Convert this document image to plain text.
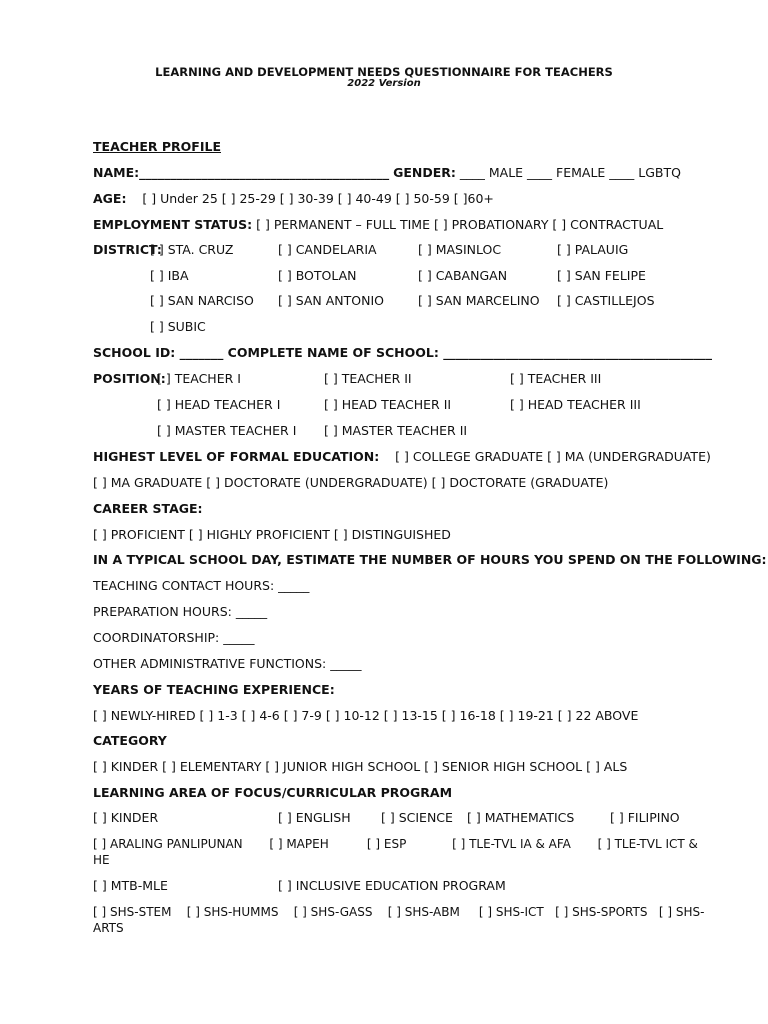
LEARNING AND DEVELOPMENT NEEDS QUESTIONNAIRE FOR TEACHERS
2022 Version
TEACHER PROFILE
NAME:________________________________________ GENDER: ____ MALE ____ FEMALE ____ LGBTQ
AGE: [ ] Under 25 [ ] 25-29 [ ] 30-39 [ ] 40-49 [ ] 50-59 [ ]60+
EMPLOYMENT STATUS: [ ] PERMANENT – FULL TIME [ ] PROBATIONARY [ ] CONTRACTUAL
DISTRICT:
[ ] STA. CRUZ	[ ] CANDELARIA	[ ] MASINLOC	[ ] PALAUIG
[ ] IBA	[ ] BOTOLAN	[ ] CABANGAN	[ ] SAN FELIPE
[ ] SAN NARCISO [ ] SAN ANTONIO	[ ] SAN MARCELINO [ ] CASTILLEJOS
[ ] SUBIC
SCHOOL ID: _______ COMPLETE NAME OF SCHOOL: ___________________________________________
POSITION:
[ ] TEACHER I	[ ] TEACHER II	[ ] TEACHER III
[ ] HEAD TEACHER I	[ ] HEAD TEACHER II	[ ] HEAD TEACHER III
[ ] MASTER TEACHER I [ ] MASTER TEACHER II
HIGHEST LEVEL OF FORMAL EDUCATION: [ ] COLLEGE GRADUATE [ ] MA (UNDERGRADUATE)
[ ] MA GRADUATE [ ] DOCTORATE (UNDERGRADUATE) [ ] DOCTORATE (GRADUATE)
CAREER STAGE:
[ ] PROFICIENT [ ] HIGHLY PROFICIENT [ ] DISTINGUISHED
IN A TYPICAL SCHOOL DAY, ESTIMATE THE NUMBER OF HOURS YOU SPEND ON THE FOLLOWING:
TEACHING CONTACT HOURS: _____
PREPARATION HOURS: _____
COORDINATORSHIP: _____
OTHER ADMINISTRATIVE FUNCTIONS: _____
YEARS OF TEACHING EXPERIENCE:
[ ] NEWLY-HIRED [ ] 1-3 [ ] 4-6 [ ] 7-9 [ ] 10-12 [ ] 13-15 [ ] 16-18 [ ] 19-21 [ ] 22 ABOVE
CATEGORY
[ ] KINDER [ ] ELEMENTARY [ ] JUNIOR HIGH SCHOOL [ ] SENIOR HIGH SCHOOL [ ] ALS
LEARNING AREA OF FOCUS/CURRICULAR PROGRAM
[ ] KINDER	[ ] ENGLISH [ ] SCIENCE [ ] MATHEMATICS	[ ] FILIPINO
[ ] ARALING PANLIPUNAN       [ ] MAPEH          [ ] ESP            [ ] TLE-TVL IA & AFA       [ ] TLE-TVL ICT & HE
[ ] MTB-MLE	[ ] INCLUSIVE EDUCATION PROGRAM
[ ] SHS-STEM    [ ] SHS-HUMMS    [ ] SHS-GASS    [ ] SHS-ABM     [ ] SHS-ICT   [ ] SHS-SPORTS   [ ] SHS-ARTS
